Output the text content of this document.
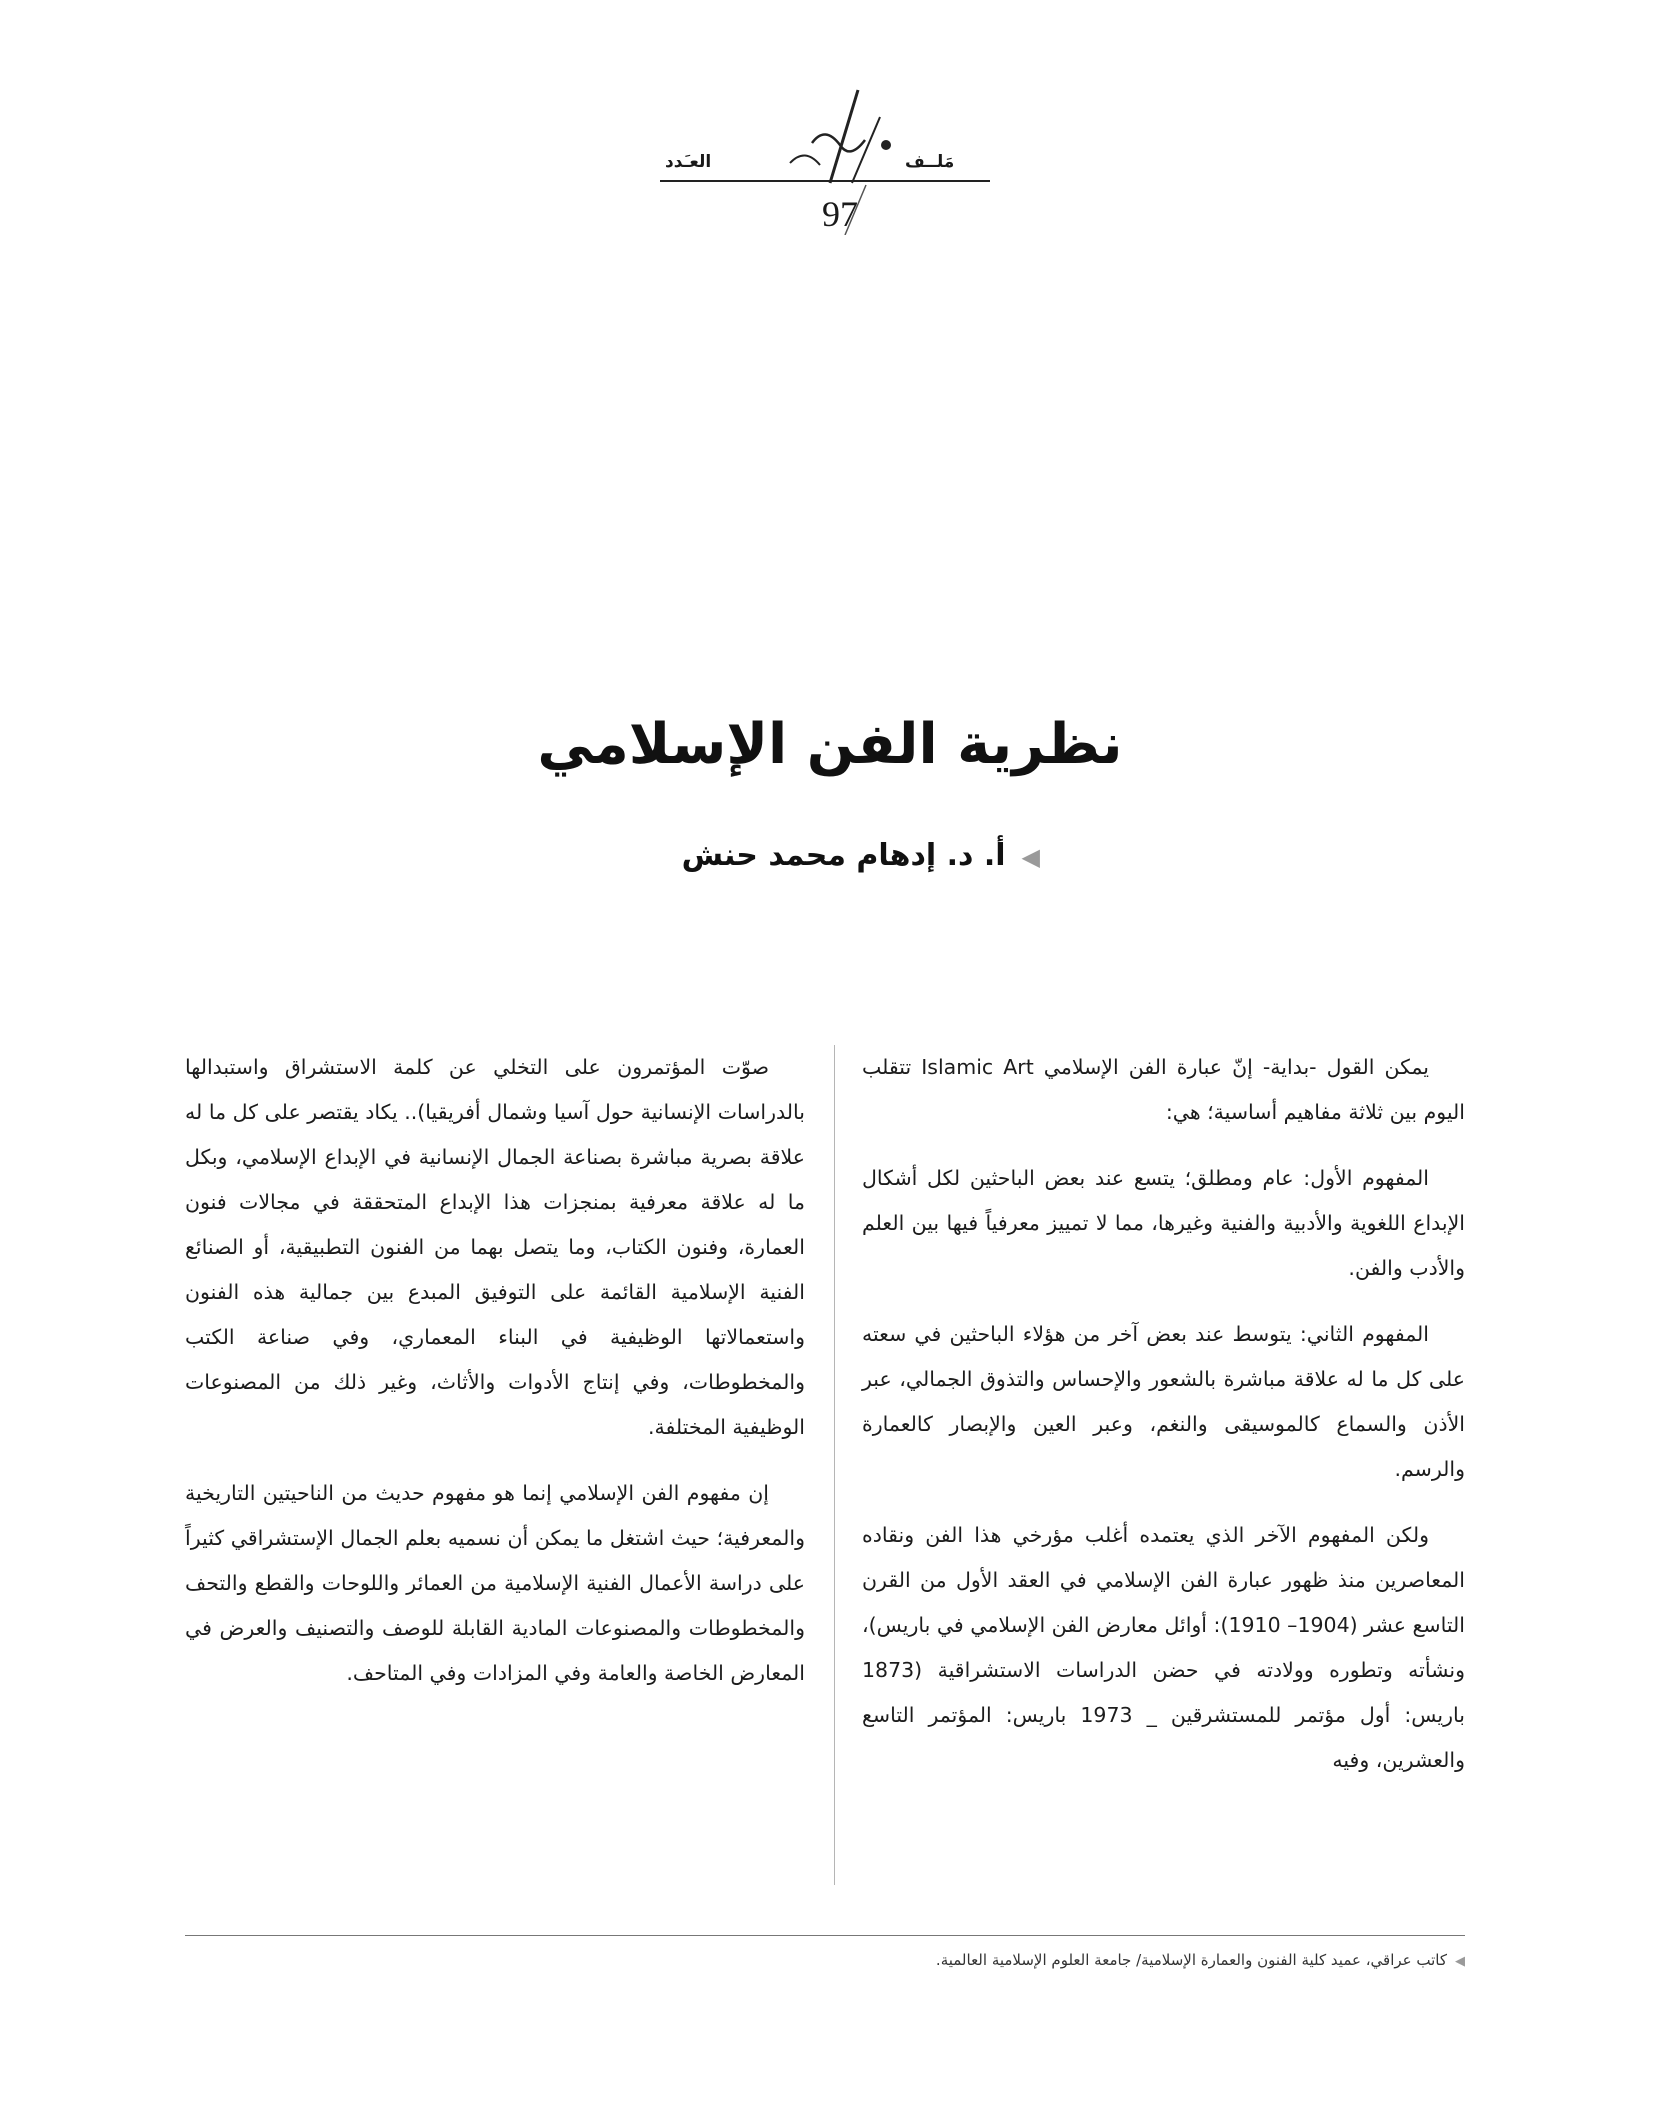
مَلــف
العـَدد
97
نظرية الفن الإسلامي
◀أ. د. إدهام محمد حنش

يمكن القول -بداية- إنّ عبارة الفن الإسلامي Islamic Art تتقلب اليوم بين ثلاثة مفاهيم أساسية؛ هي:

المفهوم الأول: عام ومطلق؛ يتسع عند بعض الباحثين لكل أشكال الإبداع اللغوية والأدبية والفنية وغيرها، مما لا تمييز معرفياً فيها بين العلم والأدب والفن.

المفهوم الثاني: يتوسط عند بعض آخر من هؤلاء الباحثين في سعته على كل ما له علاقة مباشرة بالشعور والإحساس والتذوق الجمالي، عبر الأذن والسماع كالموسيقى والنغم، وعبر العين والإبصار كالعمارة والرسم.

ولكن المفهوم الآخر الذي يعتمده أغلب مؤرخي هذا الفن ونقاده المعاصرين منذ ظهور عبارة الفن الإسلامي في العقد الأول من القرن التاسع عشر (1904– 1910): أوائل معارض الفن الإسلامي في باريس)، ونشأته وتطوره وولادته في حضن الدراسات الاستشراقية (1873 باريس: أول مؤتمر للمستشرقين _ 1973 باريس: المؤتمر التاسع والعشرين، وفيه

صوّت المؤتمرون على التخلي عن كلمة الاستشراق واستبدالها بالدراسات الإنسانية حول آسيا وشمال أفريقيا).. يكاد يقتصر على كل ما له علاقة بصرية مباشرة بصناعة الجمال الإنسانية في الإبداع الإسلامي، وبكل ما له علاقة معرفية بمنجزات هذا الإبداع المتحققة في مجالات فنون العمارة، وفنون الكتاب، وما يتصل بهما من الفنون التطبيقية، أو الصنائع الفنية الإسلامية القائمة على التوفيق المبدع بين جمالية هذه الفنون واستعمالاتها الوظيفية في البناء المعماري، وفي صناعة الكتب والمخطوطات، وفي إنتاج الأدوات والأثاث، وغير ذلك من المصنوعات الوظيفية المختلفة.

إن مفهوم الفن الإسلامي إنما هو مفهوم حديث من الناحيتين التاريخية والمعرفية؛ حيث اشتغل ما يمكن أن نسميه بعلم الجمال الإستشراقي كثيراً على دراسة الأعمال الفنية الإسلامية من العمائر واللوحات والقطع والتحف والمخطوطات والمصنوعات المادية القابلة للوصف والتصنيف والعرض في المعارض الخاصة والعامة وفي المزادات وفي المتاحف.

◀كاتب عراقي، عميد كلية الفنون والعمارة الإسلامية/ جامعة العلوم الإسلامية العالمية.
